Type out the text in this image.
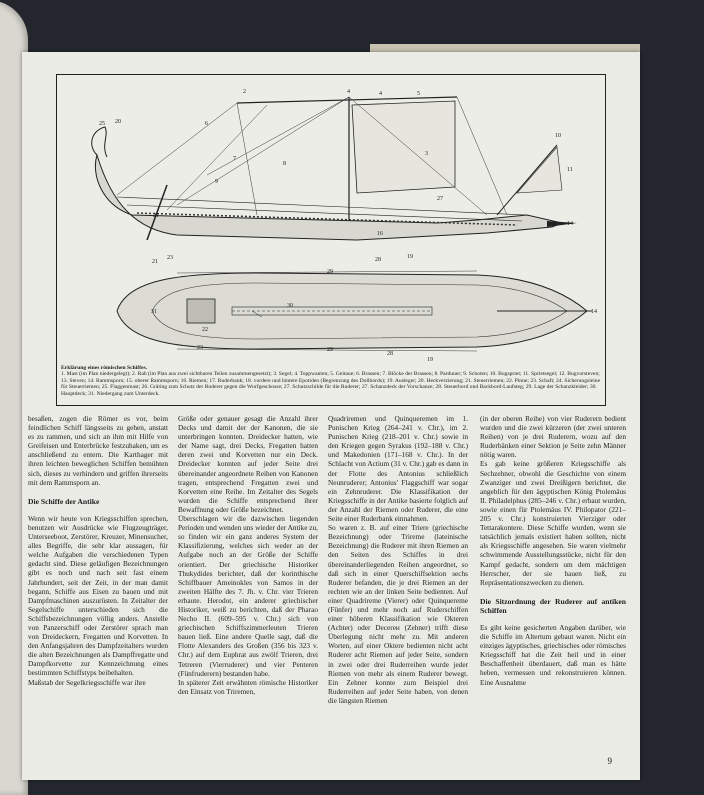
2	4	4	5
3
6
7
8
9
25 20
21
27
10
11
14
16
19
21
23
31
30
29
28
14
22
23	29
28
19
Erklärung eines römischen Schiffes.
1. Mast (im Plan niedergelegt); 2. Rah (im Plan aus zwei sichtbaren Teilen zusammengesetzt); 3. Segel; 4. Toppwanten; 5. Geitaue; 6. Brassen; 7. Blöcke der Brassen; 8. Parduner; 9. Schoten; 10. Bugspriet; 11. Sprietsegel; 12. Bugvorsteven; 13. Steven; 14. Rammsporn; 15. oberer Rammsporn; 16. Riemen; 17. Ruderbank; 18. vordere und hintere Epotiden (Begrenzung des Dollbords); 19. Ausleger; 20. Heckverzierung; 21. Steuerriemen; 22. Pinne; 23. Schaft; 24. Sicherungsleine für Steuerriemen; 25. Flaggenmast; 26. Gräting zum Schutz der Ruderer gegen die Wurfgeschosse; 27. Schutzschilde für die Ruderer; 27. Schanzdeck der Vorschanze; 28. Steuerbord und Backbord-Laufsteg; 29. Lage der Schanzkleider; 30. Hauptdeck; 31. Niedergang zum Unterdeck.

besaßen, zogen die Römer es vor, beim feindlichen Schiff längsseits zu gehen, anstatt es zu rammen, und sich an ihm mit Hilfe von Greifeisen und Enterbrücke festzuhaken, um es anschließend zu entern. Die Karthager mit ihren leichten beweglichen Schiffen bemühten sich, dieses zu verhindern und griffen ihrerseits mit dem Rammsporn an.

Die Schiffe der Antike

Wenn wir heute von Kriegsschiffen sprechen, benutzen wir Ausdrücke wie Flugzeugträger, Unterseeboot, Zerstörer, Kreuzer, Minensucher, alles Begriffe, die sehr klar aussagen, für welche Aufgaben die verschiedenen Typen gedacht sind. Diese geläufigen Bezeichnungen gibt es noch und nach seit fast einem Jahrhundert, seit der Zeit, in der man damit begann, Schiffe aus Eisen zu bauen und mit Dampfmaschinen auszurüsten. In Zeitalter der Segelschiffe unterschieden sich die Schiffsbezeichnungen völlig anders. Anstelle von Panzerschiff oder Zerstörer sprach man von Dreideckern, Fregatten und Korvetten. In den Anfangsjahren des Dampfzeitalters wurden die alten Bezeichnungen als Dampffregatte und Dampfkorvette zur Kennzeichnung eines bestimmten Schiffstyps beibehalten.

Maßstab der Segelkriegsschiffe war ihre

Größe oder genauer gesagt die Anzahl ihrer Decks und damit der der Kanonen, die sie unterbringen konnten. Dreidecker hatten, wie der Name sagt, drei Decks, Fregatten hatten deren zwei und Korvetten nur ein Deck. Dreidecker konnten auf jeder Seite drei übereinander angeordnete Reihen von Kanonen tragen, entsprechend Fregatten zwei und Korvetten eine Reihe. Im Zeitalter des Segels wurden die Schiffe entsprechend ihrer Bewaffnung oder Größe bezeichnet.

Überschlagen wir die dazwischen liegenden Perioden und wenden uns wieder der Antike zu, so finden wir ein ganz anderes System der Klassifizierung, welches sich weder an der Aufgabe noch an der Größe der Schiffe orientiert. Der griechische Historiker Thukydides berichtet, daß der korinthische Schiffbauer Ameinokles von Samos in der zweiten Hälfte des 7. Jh. v. Chr. vier Trieren erbaute. Herodot, ein anderer griechischer Historiker, weiß zu berichten, daß der Pharao Necho II. (609–595 v. Chr.) sich von griechischen Schiffszimmerleuten Trieren bauen ließ. Eine andere Quelle sagt, daß die Flotte Alexanders des Großen (356 bis 323 v. Chr.) auf dem Euphrat aus zwölf Trieren, drei Tetreren (Vierruderer) und vier Penteren (Fünfruderern) bestanden habe.

In späterer Zeit erwähnten römische Historiker den Einsatz von Triremen,

Quadriremen und Quinqueremen im 1. Punischen Krieg (264–241 v. Chr.), im 2. Punischen Krieg (218–201 v. Chr.) sowie in den Kriegen gegen Syrakus (192–188 v. Chr.) und Makedonien (171–168 v. Chr.). In der Schlacht von Actium (31 v. Chr.) gab es dann in der Flotte des Antonius schließlich Neunruderer; Antonius' Flaggschiff war sogar ein Zehnruderer. Die Klassifikation der Kriegsschiffe in der Antike basierte folglich auf der Anzahl der Riemen oder Ruderer, die eine Seite einer Ruderbank einnahmen.

So waren z. B. auf einer Triere (griechische Bezeichnung) oder Trireme (lateinische Bezeichnung) die Ruderer mit ihren Riemen an den Seiten des Schiffes in drei übereinanderliegenden Reihen angeordnet, so daß sich in einer Querschiffsektion sechs Ruderer befanden, die je drei Riemen an der rechten wie an der linken Seite bedienten. Auf einer Quadrireme (Vierer) oder Quinquereme (Fünfer) und mehr noch auf Ruderschiffen einer höheren Klassifikation wie Okteren (Achter) oder Decerен (Zehner) trifft diese Überlegung nicht mehr zu. Mit anderen Worten, auf einer Oktere bedienten nicht acht Ruderer acht Riemen auf jeder Seite, sondern in zwei oder drei Ruderreihen wurde jeder Riemen von mehr als einem Ruderer bewegt. Ein Zehner konnte zum Beispiel drei Ruderreihen auf jeder Seite haben, von denen die längsten Riemen

(in der oberen Reihe) von vier Ruderern bedient wurden und die zwei kürzeren (der zwei unteren Reihen) von je drei Ruderern, wozu auf den Ruderbänken einer Sektion je Seite zehn Männer nötig waren.

Es gab keine größeren Kriegsschiffe als Sechzehner, obwohl die Geschichte von einem Zwanziger und zwei Dreißigern berichtet, die angeblich für den ägyptischen König Ptolemäus II. Philadelphus (285–246 v. Chr.) erbaut wurden, sowie einen für Ptolemäus IV. Philopator (221–205 v. Chr.) konstruierten Vierziger oder Tettarakontere. Diese Schiffe wurden, wenn sie tatsächlich jemals existiert haben sollten, nicht als Kriegsschiffe angesehen. Sie waren vielmehr schwimmende Ausstellungsstücke, nicht für den Kampf gedacht, sondern um dem mächtigen Herrscher, der sie bauen ließ, zu Repräsentationszwecken zu dienen.

Die Sitzordnung der Ruderer auf antiken Schiffen

Es gibt keine gesicherten Angaben darüber, wie die Schiffe im Altertum gebaut waren. Nicht ein einziges ägyptisches, griechisches oder römisches Kriegsschiff hat die Zeit heil und in einer Beschaffenheit überdauert, daß man es hätte heben, vermessen und rekonstruieren können. Eine Ausnahme

9
